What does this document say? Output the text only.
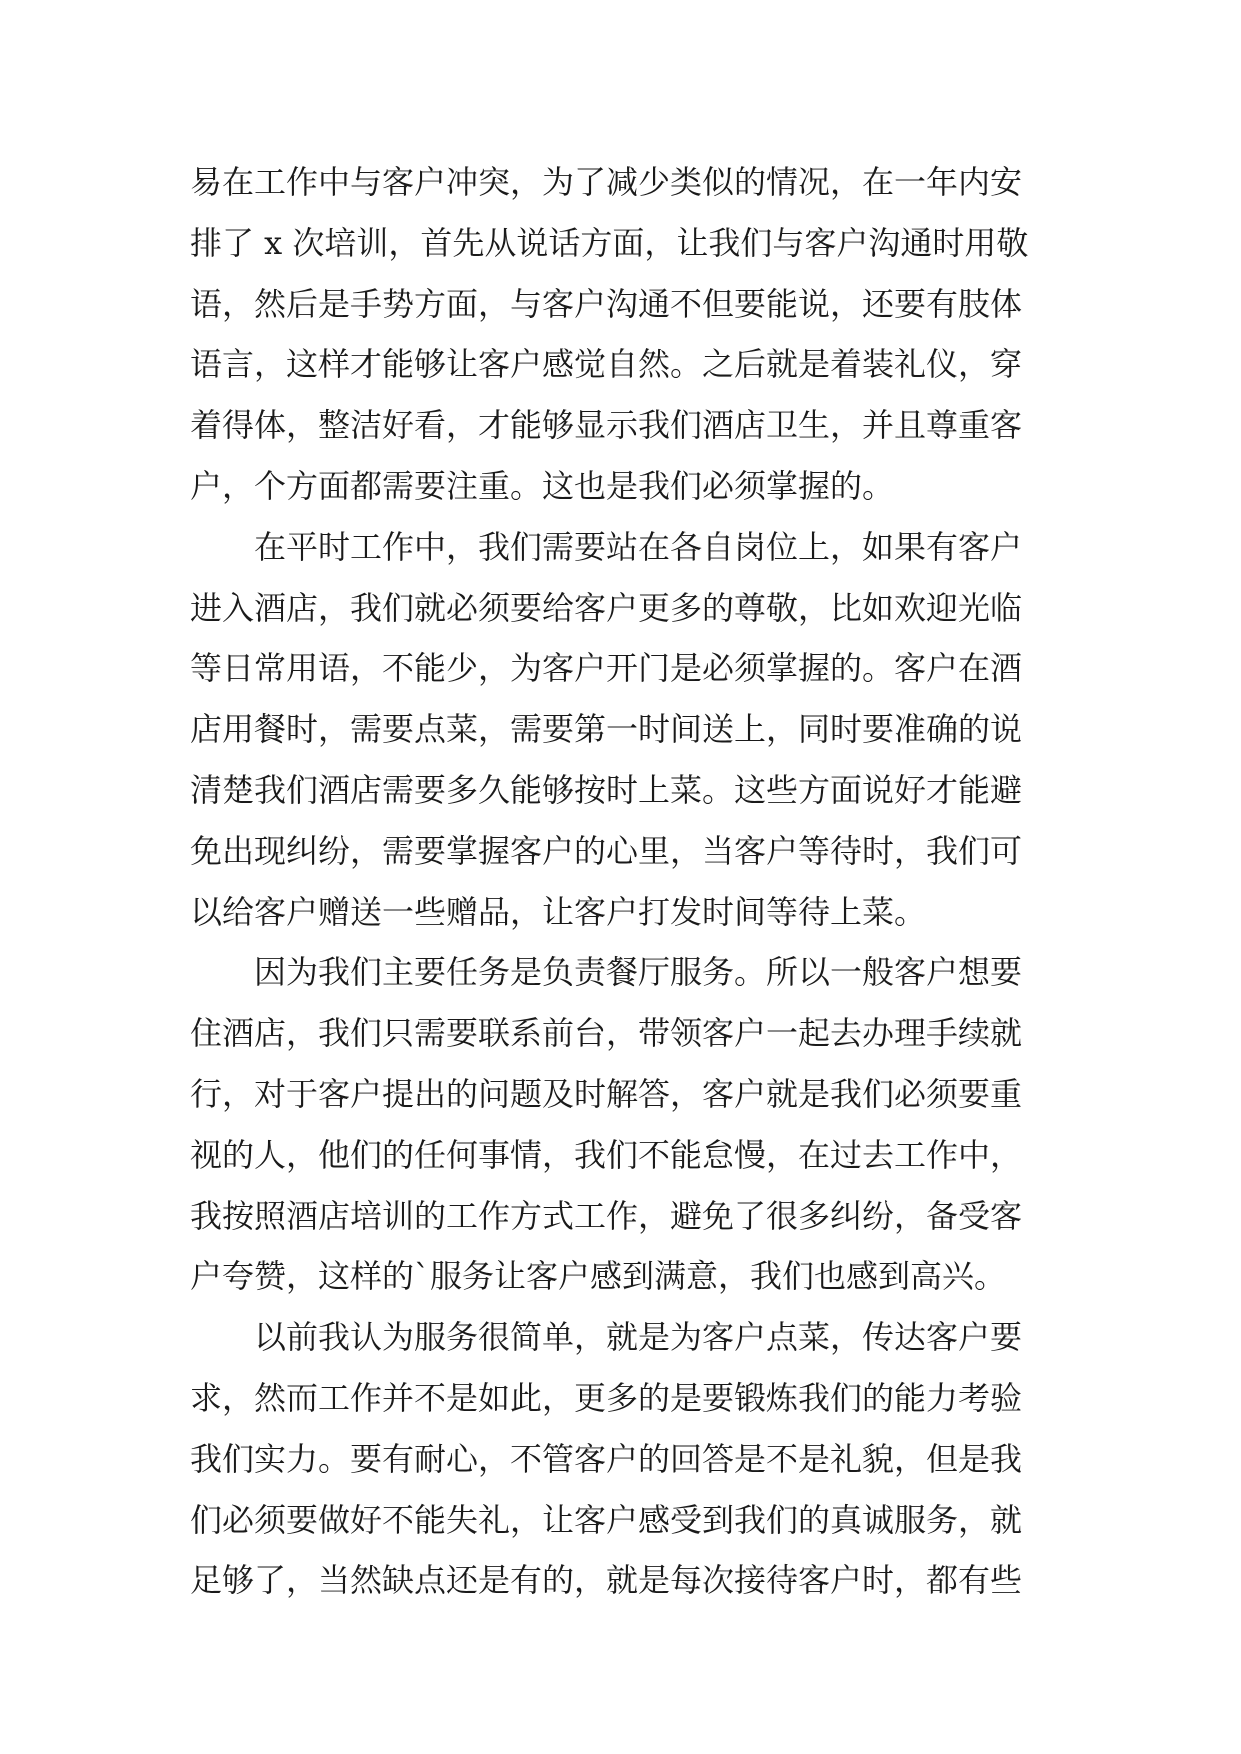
易在工作中与客户冲突，为了减少类似的情况，在一年内安
排了 x 次培训，首先从说话方面，让我们与客户沟通时用敬
语，然后是手势方面，与客户沟通不但要能说，还要有肢体
语言，这样才能够让客户感觉自然。之后就是着装礼仪，穿
着得体，整洁好看，才能够显示我们酒店卫生，并且尊重客
户，个方面都需要注重。这也是我们必须掌握的。
在平时工作中，我们需要站在各自岗位上，如果有客户
进入酒店，我们就必须要给客户更多的尊敬，比如欢迎光临
等日常用语，不能少，为客户开门是必须掌握的。客户在酒
店用餐时，需要点菜，需要第一时间送上，同时要准确的说
清楚我们酒店需要多久能够按时上菜。这些方面说好才能避
免出现纠纷，需要掌握客户的心里，当客户等待时，我们可
以给客户赠送一些赠品，让客户打发时间等待上菜。
因为我们主要任务是负责餐厅服务。所以一般客户想要
住酒店，我们只需要联系前台，带领客户一起去办理手续就
行，对于客户提出的问题及时解答，客户就是我们必须要重
视的人，他们的任何事情，我们不能怠慢，在过去工作中，
我按照酒店培训的工作方式工作，避免了很多纠纷，备受客
户夸赞，这样的`服务让客户感到满意，我们也感到高兴。
以前我认为服务很简单，就是为客户点菜，传达客户要
求，然而工作并不是如此，更多的是要锻炼我们的能力考验
我们实力。要有耐心，不管客户的回答是不是礼貌，但是我
们必须要做好不能失礼，让客户感受到我们的真诚服务，就
足够了，当然缺点还是有的，就是每次接待客户时，都有些
